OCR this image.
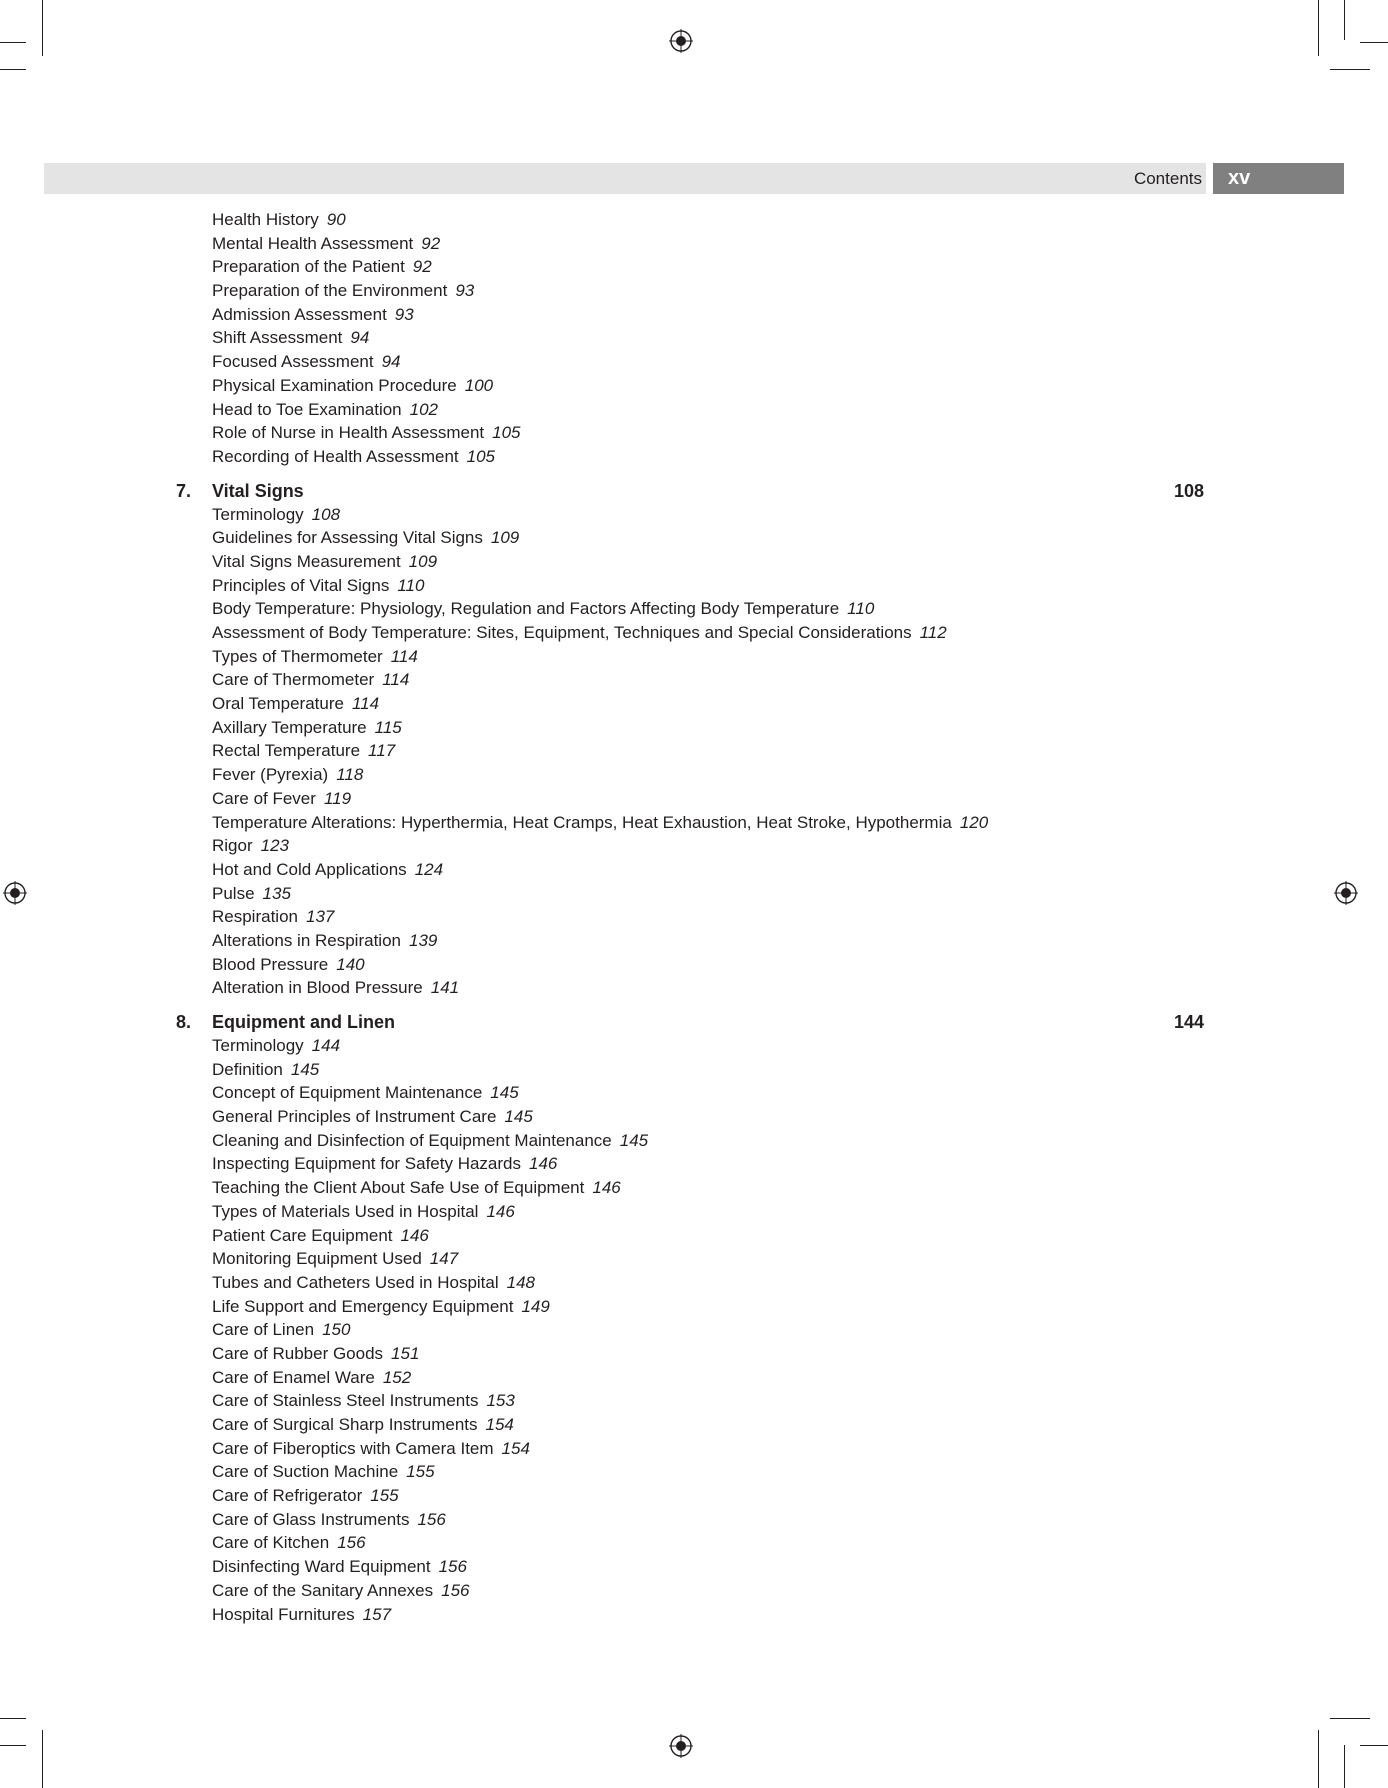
Contents	xv
Health History 90
Mental Health Assessment 92
Preparation of the Patient 92
Preparation of the Environment 93
Admission Assessment 93
Shift Assessment 94
Focused Assessment 94
Physical Examination Procedure 100
Head to Toe Examination 102
Role of Nurse in Health Assessment 105
Recording of Health Assessment 105
7. Vital Signs	108
Terminology 108
Guidelines for Assessing Vital Signs 109
Vital Signs Measurement 109
Principles of Vital Signs 110
Body Temperature: Physiology, Regulation and Factors Affecting Body Temperature 110
Assessment of Body Temperature: Sites, Equipment, Techniques and Special Considerations 112
Types of Thermometer 114
Care of Thermometer 114
Oral Temperature 114
Axillary Temperature 115
Rectal Temperature 117
Fever (Pyrexia) 118
Care of Fever 119
Temperature Alterations: Hyperthermia, Heat Cramps, Heat Exhaustion, Heat Stroke, Hypothermia 120
Rigor 123
Hot and Cold Applications 124
Pulse 135
Respiration 137
Alterations in Respiration 139
Blood Pressure 140
Alteration in Blood Pressure 141
8. Equipment and Linen	144
Terminology 144
Definition 145
Concept of Equipment Maintenance 145
General Principles of Instrument Care 145
Cleaning and Disinfection of Equipment Maintenance 145
Inspecting Equipment for Safety Hazards 146
Teaching the Client About Safe Use of Equipment 146
Types of Materials Used in Hospital 146
Patient Care Equipment 146
Monitoring Equipment Used 147
Tubes and Catheters Used in Hospital 148
Life Support and Emergency Equipment 149
Care of Linen 150
Care of Rubber Goods 151
Care of Enamel Ware 152
Care of Stainless Steel Instruments 153
Care of Surgical Sharp Instruments 154
Care of Fiberoptics with Camera Item 154
Care of Suction Machine 155
Care of Refrigerator 155
Care of Glass Instruments 156
Care of Kitchen 156
Disinfecting Ward Equipment 156
Care of the Sanitary Annexes 156
Hospital Furnitures 157
